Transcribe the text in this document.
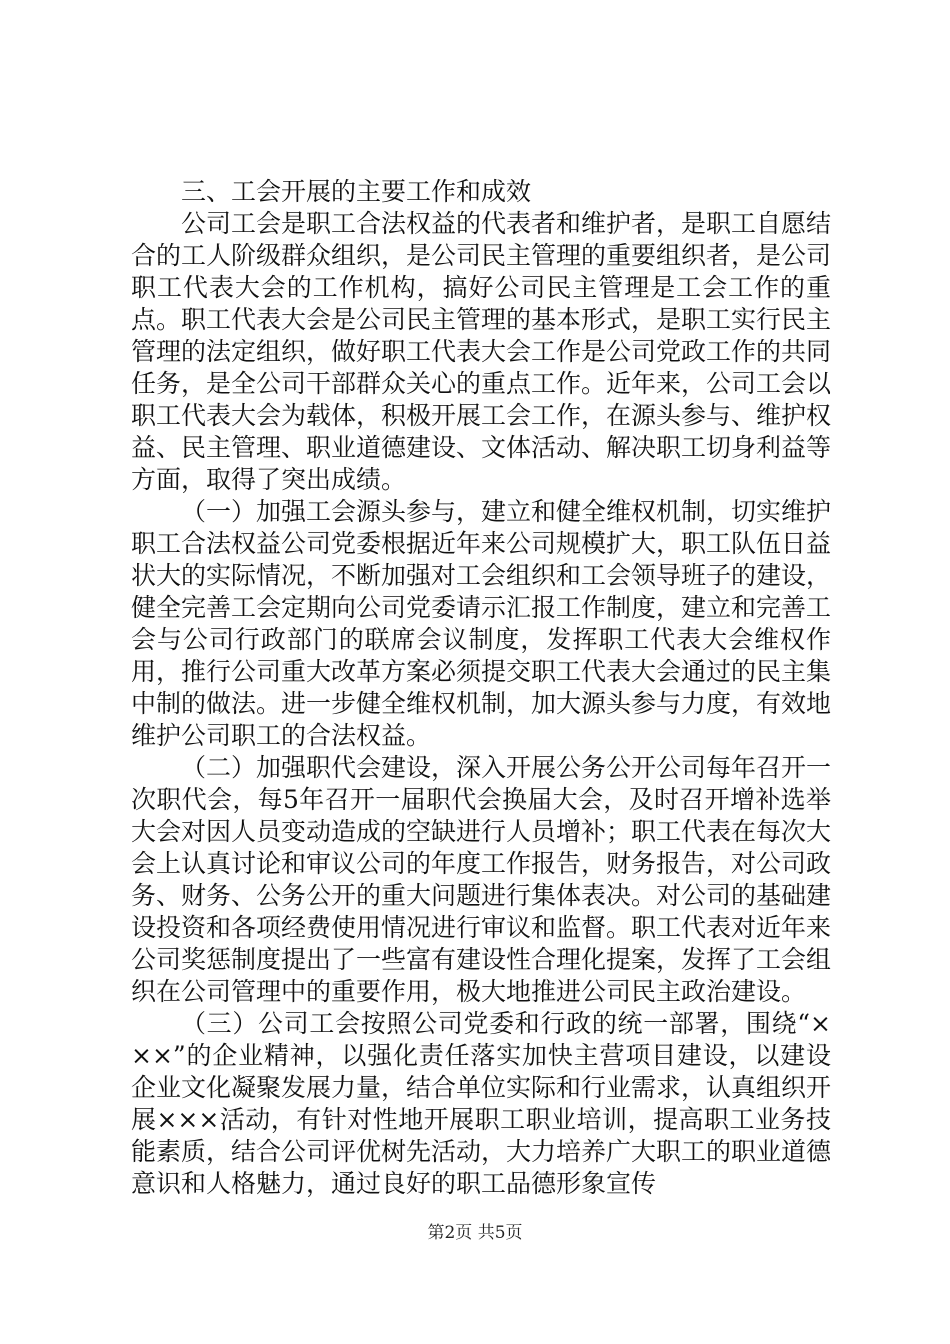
三、工会开展的主要工作和成效

公司工会是职工合法权益的代表者和维护者，是职工自愿结合的工人阶级群众组织，是公司民主管理的重要组织者，是公司职工代表大会的工作机构，搞好公司民主管理是工会工作的重点。职工代表大会是公司民主管理的基本形式，是职工实行民主管理的法定组织，做好职工代表大会工作是公司党政工作的共同任务，是全公司干部群众关心的重点工作。近年来，公司工会以职工代表大会为载体，积极开展工会工作，在源头参与、维护权益、民主管理、职业道德建设、文体活动、解决职工切身利益等方面，取得了突出成绩。

（一）加强工会源头参与，建立和健全维权机制，切实维护职工合法权益公司党委根据近年来公司规模扩大，职工队伍日益状大的实际情况，不断加强对工会组织和工会领导班子的建设，健全完善工会定期向公司党委请示汇报工作制度，建立和完善工会与公司行政部门的联席会议制度，发挥职工代表大会维权作用，推行公司重大改革方案必须提交职工代表大会通过的民主集中制的做法。进一步健全维权机制，加大源头参与力度，有效地维护公司职工的合法权益。

（二）加强职代会建设，深入开展公务公开公司每年召开一次职代会，每5年召开一届职代会换届大会，及时召开增补选举大会对因人员变动造成的空缺进行人员增补；职工代表在每次大会上认真讨论和审议公司的年度工作报告，财务报告，对公司政务、财务、公务公开的重大问题进行集体表决。对公司的基础建设投资和各项经费使用情况进行审议和监督。职工代表对近年来公司奖惩制度提出了一些富有建设性合理化提案，发挥了工会组织在公司管理中的重要作用，极大地推进公司民主政治建设。

（三）公司工会按照公司党委和行政的统一部署，围绕“×××”的企业精神，以强化责任落实加快主营项目建设，以建设企业文化凝聚发展力量，结合单位实际和行业需求，认真组织开展×××活动，有针对性地开展职工职业培训，提高职工业务技能素质，结合公司评优树先活动，大力培养广大职工的职业道德意识和人格魅力，通过良好的职工品德形象宣传

第2页 共5页
